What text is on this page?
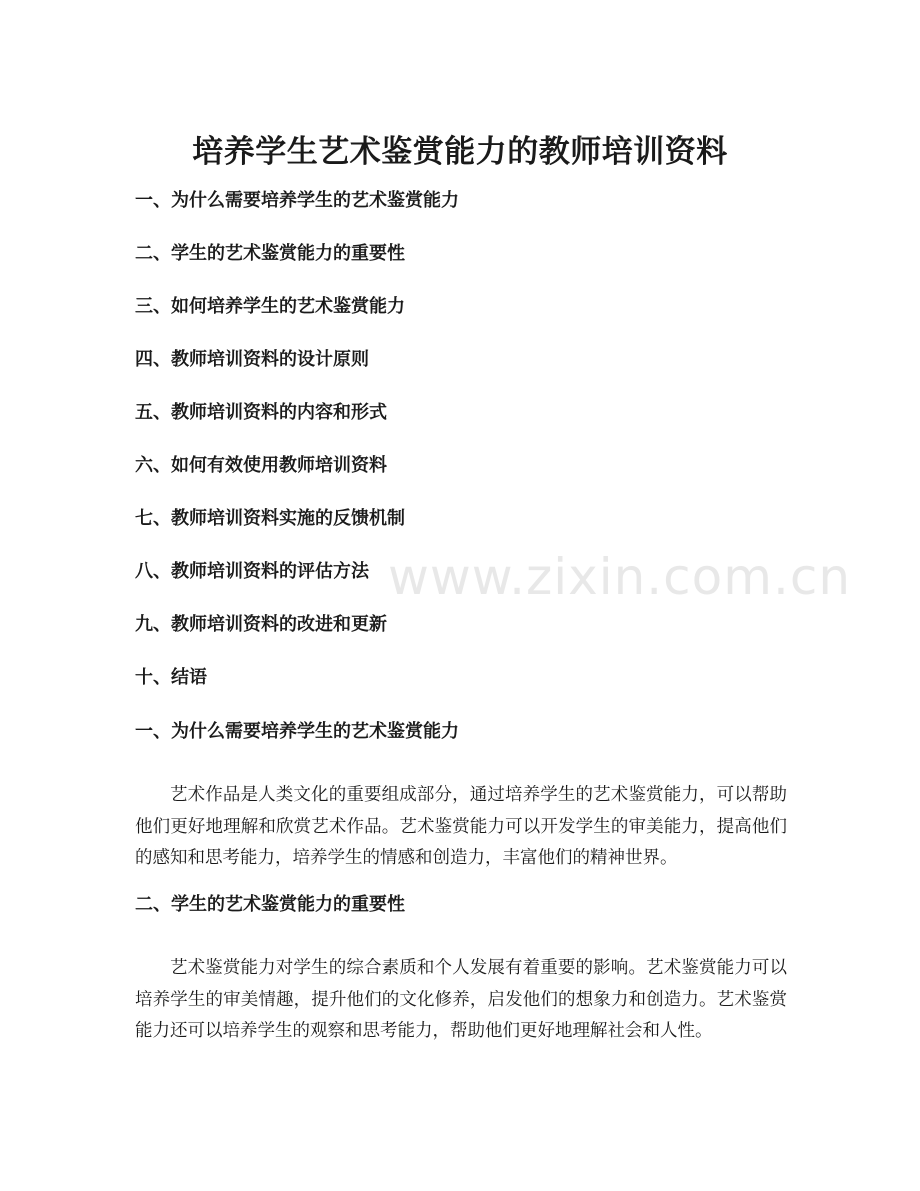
培养学生艺术鉴赏能力的教师培训资料
一、为什么需要培养学生的艺术鉴赏能力
二、学生的艺术鉴赏能力的重要性
三、如何培养学生的艺术鉴赏能力
四、教师培训资料的设计原则
五、教师培训资料的内容和形式
六、如何有效使用教师培训资料
七、教师培训资料实施的反馈机制
八、教师培训资料的评估方法
九、教师培训资料的改进和更新
十、结语
一、为什么需要培养学生的艺术鉴赏能力

艺术作品是人类文化的重要组成部分，通过培养学生的艺术鉴赏能力，可以帮助他们更好地理解和欣赏艺术作品。艺术鉴赏能力可以开发学生的审美能力，提高他们的感知和思考能力，培养学生的情感和创造力，丰富他们的精神世界。

二、学生的艺术鉴赏能力的重要性

艺术鉴赏能力对学生的综合素质和个人发展有着重要的影响。艺术鉴赏能力可以培养学生的审美情趣，提升他们的文化修养，启发他们的想象力和创造力。艺术鉴赏能力还可以培养学生的观察和思考能力，帮助他们更好地理解社会和人性。

www.zixin.com.cn
